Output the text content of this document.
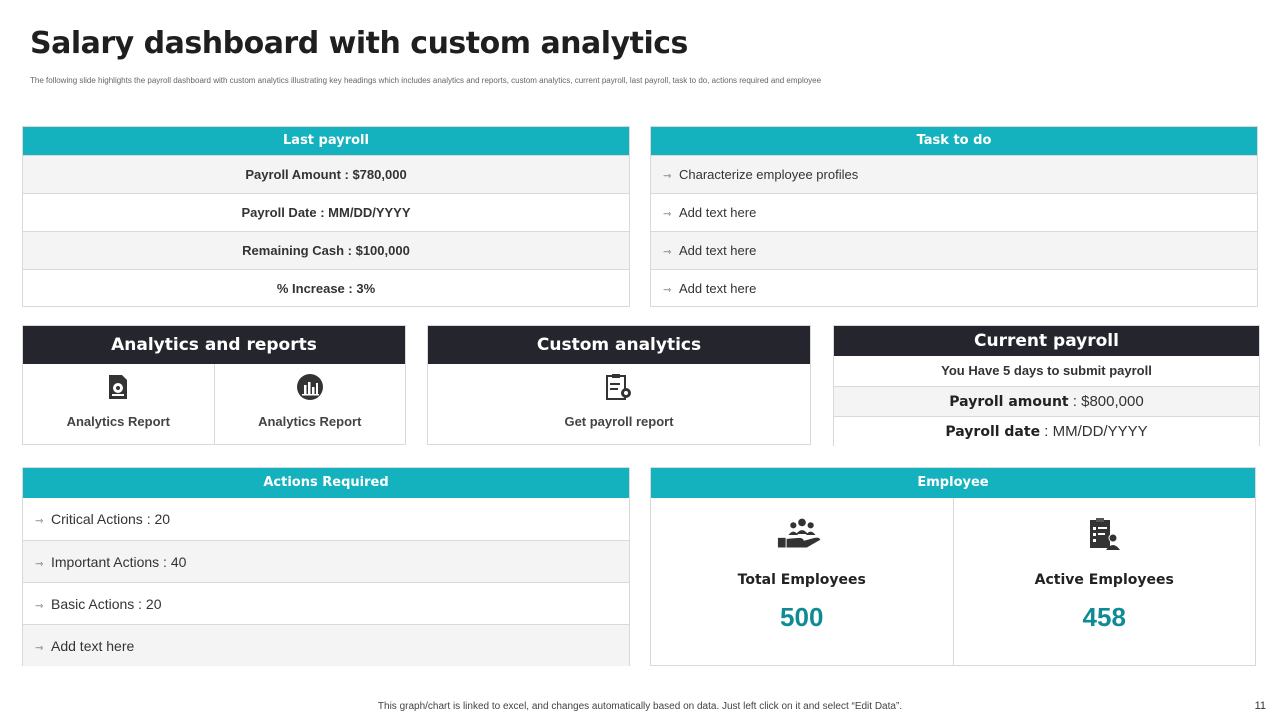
Salary dashboard with custom analytics
The following slide highlights the payroll dashboard with custom analytics illustrating key headings which includes analytics and reports, custom analytics, current payroll, last payroll, task to do, actions required and employee
Last payroll
Payroll Amount : $780,000
Payroll Date : MM/DD/YYYY
Remaining Cash : $100,000
% Increase : 3%
Task to do
⇾ Characterize employee profiles
⇾ Add text here
⇾ Add text here
⇾ Add text here
Analytics and reports
Analytics Report	Analytics Report
Custom analytics
Get payroll report
Current payroll
You Have 5 days to submit payroll
Payroll amount : $800,000
Payroll date : MM/DD/YYYY
Actions Required
⇾ Critical Actions : 20
⇾ Important Actions : 40
⇾ Basic Actions : 20
⇾ Add text here
Employee
Total Employees
500
Active Employees
458
This graph/chart is linked to excel, and changes automatically based on data. Just left click on it and select “Edit Data”.	11
